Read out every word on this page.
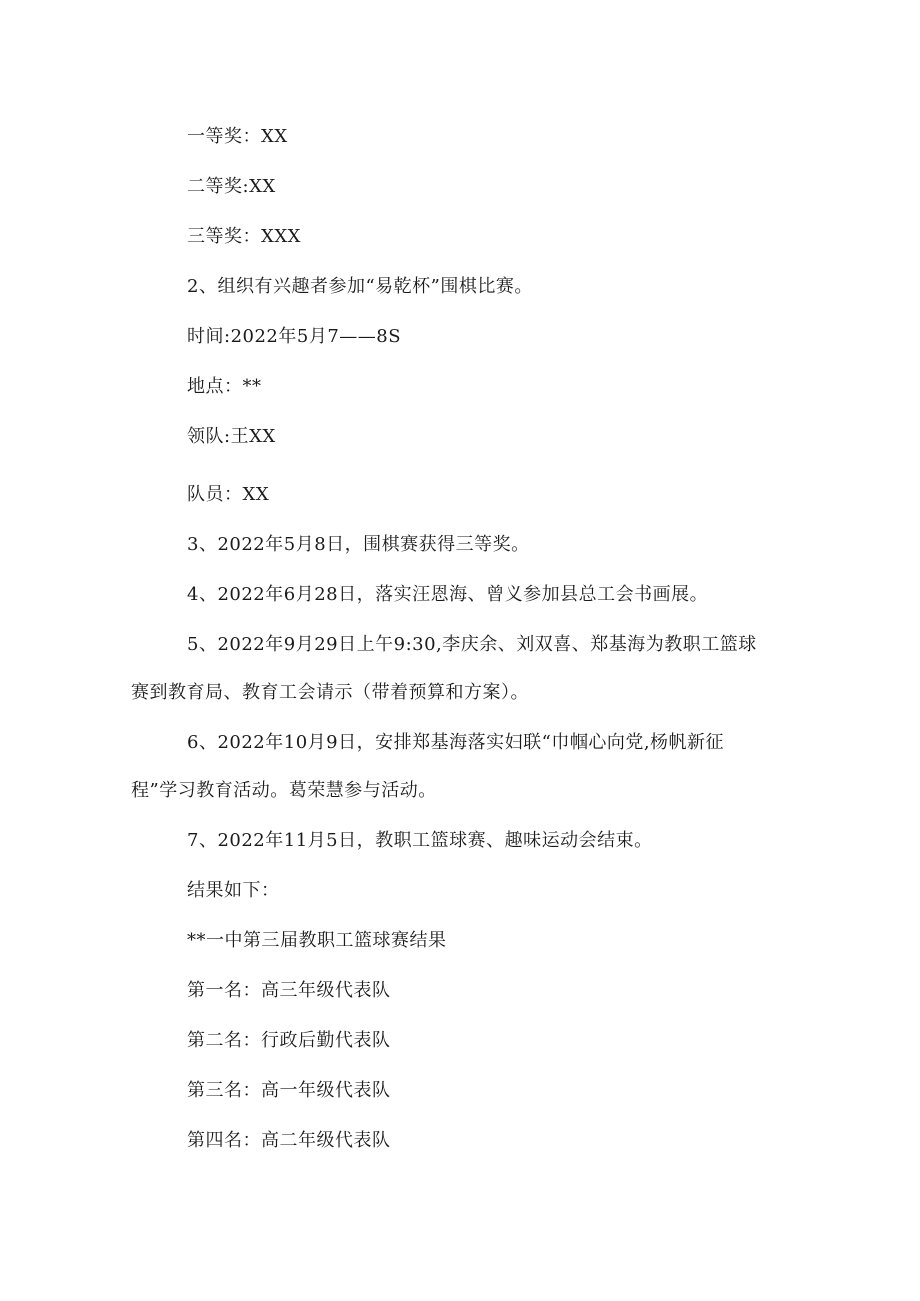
一等奖：XX
二等奖:XX
三等奖：XXX
2、组织有兴趣者参加“易乾杯”围棋比赛。
时间:2022年5月7——8S
地点：**
领队:王XX
队员：XX
3、2022年5月8日，围棋赛获得三等奖。
4、2022年6月28日，落实汪恩海、曾义参加县总工会书画展。
5、2022年9月29日上午9:30,李庆余、刘双喜、郑基海为教职工篮球
赛到教育局、教育工会请示（带着预算和方案）。
6、2022年10月9日，安排郑基海落实妇联“巾帼心向党,杨帆新征
程”学习教育活动。葛荣慧参与活动。
7、2022年11月5日，教职工篮球赛、趣味运动会结束。
结果如下：
**一中第三届教职工篮球赛结果
第一名：高三年级代表队
第二名：行政后勤代表队
第三名：高一年级代表队
第四名：高二年级代表队
